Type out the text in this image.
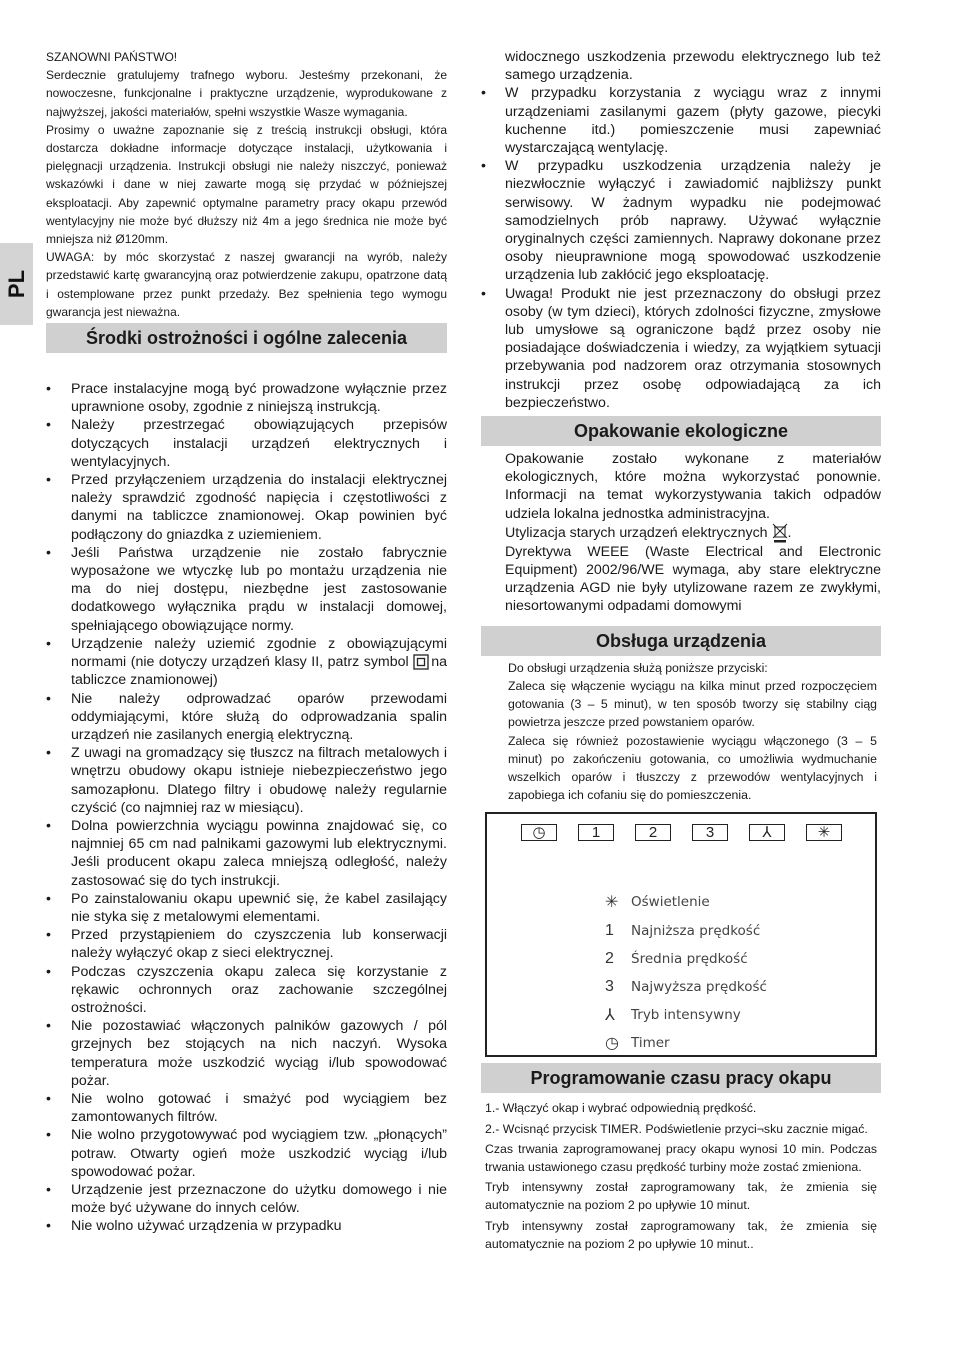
PL

SZANOWNI PAŃSTWO!

Serdecznie gratulujemy trafnego wyboru. Jesteśmy przekonani, że nowoczesne, funkcjonalne i praktyczne urządzenie, wyprodukowane z najwyższej, jakości materiałów, spełni wszystkie Wasze wymagania.

Prosimy o uważne zapoznanie się z treścią instrukcji obsługi, która dostarcza dokładne informacje dotyczące instalacji, użytkowania i pielęgnacji urządzenia. Instrukcji obsługi nie należy niszczyć, ponieważ wskazówki i dane w niej zawarte mogą się przydać w późniejszej eksploatacji. Aby zapewnić optymalne parametry pracy okapu przewód wentylacyjny nie może być dłuższy niż 4m a jego średnica nie może być mniejsza niż Ø120mm.

UWAGA: by móc skorzystać z naszej gwarancji na wyrób, należy przedstawić kartę gwarancyjną oraz potwierdzenie zakupu, opatrzone datą i ostemplowane przez punkt przedaży. Bez spełnienia tego wymogu gwarancja jest nieważna.

Środki ostrożności i ogólne zalecenia
• Prace instalacyjne mogą być prowadzone wyłącznie przez uprawnione osoby, zgodnie z niniejszą instrukcją.
• Należy przestrzegać obowiązujących przepisów dotyczących instalacji urządzeń elektrycznych i wentylacyjnych.
• Przed przyłączeniem urządzenia do instalacji elektrycznej należy sprawdzić zgodność napięcia i częstotliwości z danymi na tabliczce znamionowej. Okap powinien być podłączony do gniazdka z uziemieniem.
• Jeśli Państwa urządzenie nie zostało fabrycznie wyposażone we wtyczkę lub po montażu urządzenia nie ma do niej dostępu, niezbędne jest zastosowanie dodatkowego wyłącznika prądu w instalacji domowej, spełniającego obowiązujące normy.
• Urządzenie należy uziemić zgodnie z obowiązującymi normami (nie dotyczy urządzeń klasy II, patrz symbol na tabliczce znamionowej)
• Nie należy odprowadzać oparów przewodami oddymiającymi, które służą do odprowadzania spalin urządzeń nie zasilanych energią elektryczną.
• Z uwagi na gromadzący się tłuszcz na filtrach metalowych i wnętrzu obudowy okapu istnieje niebezpieczeństwo jego samozapłonu. Dlatego filtry i obudowę należy regularnie czyścić (co najmniej raz w miesiącu).
• Dolna powierzchnia wyciągu powinna znajdować się, co najmniej 65 cm nad palnikami gazowymi lub elektrycznymi. Jeśli producent okapu zaleca mniejszą odległość, należy zastosować się do tych instrukcji.
• Po zainstalowaniu okapu upewnić się, że kabel zasilający nie styka się z metalowymi elementami.
• Przed przystąpieniem do czyszczenia lub konserwacji należy wyłączyć okap z sieci elektrycznej.
• Podczas czyszczenia okapu zaleca się korzystanie z rękawic ochronnych oraz zachowanie szczególnej ostrożności.
• Nie pozostawiać włączonych palników gazowych / pól grzejnych bez stojących na nich naczyń. Wysoka temperatura może uszkodzić wyciąg i/lub spowodować pożar.
• Nie wolno gotować i smażyć pod wyciągiem bez zamontowanych filtrów.
• Nie wolno przygotowywać pod wyciągiem tzw. „płonących” potraw. Otwarty ogień może uszkodzić wyciąg i/lub spowodować pożar.
• Urządzenie jest przeznaczone do użytku domowego i nie może być używane do innych celów.
• Nie wolno używać urządzenia w przypadku
widocznego uszkodzenia przewodu elektrycznego lub też samego urządzenia.
• W przypadku korzystania z wyciągu wraz z innymi urządzeniami zasilanymi gazem (płyty gazowe, piecyki kuchenne itd.) pomieszczenie musi zapewniać wystarczającą wentylację.
• W przypadku uszkodzenia urządzenia należy je niezwłocznie wyłączyć i zawiadomić najbliższy punkt serwisowy. W żadnym wypadku nie podejmować samodzielnych prób naprawy. Używać wyłącznie oryginalnych części zamiennych. Naprawy dokonane przez osoby nieuprawnione mogą spowodować uszkodzenie urządzenia lub zakłócić jego eksploatację.
• Uwaga! Produkt nie jest przeznaczony do obsługi przez osoby (w tym dzieci), których zdolności fizyczne, zmysłowe lub umysłowe są ograniczone bądź przez osoby nie posiadające doświadczenia i wiedzy, za wyjątkiem sytuacji przebywania pod nadzorem oraz otrzymania stosownych instrukcji przez osobę odpowiadającą za ich bezpieczeństwo.
Opakowanie ekologiczne

Opakowanie zostało wykonane z materiałów ekologicznych, które można wykorzystać ponownie. Informacji na temat wykorzystywania takich odpadów udziela lokalna jednostka administracyjna.

Utylizacja starych urządzeń elektrycznych .

Dyrektywa WEEE (Waste Electrical and Electronic Equipment) 2002/96/WE wymaga, aby stare elektryczne urządzenia AGD nie były utylizowane razem ze zwykłymi, niesortowanymi odpadami domowymi

Obsługa urządzenia

Do obsługi urządzenia służą poniższe przyciski:

Zaleca się włączenie wyciągu na kilka minut przed rozpoczęciem gotowania (3 – 5 minut), w ten sposób tworzy się stabilny ciąg powietrza jeszcze przed powstaniem oparów.

Zaleca się również pozostawienie wyciągu włączonego (3 – 5 minut) po zakończeniu gotowania, co umożliwia wydmuchanie wszelkich oparów i tłuszczy z przewodów wentylacyjnych i zapobiega ich cofaniu się do pomieszczenia.

◷	1	2	3	⅄	✳
✳ Oświetlenie
1	Najniższa prędkość
2	Średnia prędkość
3	Najwyższa prędkość
⅄	Tryb intensywny
◷ Timer
Programowanie czasu pracy okapu

1.- Włączyć okap i wybrać odpowiednią prędkość.

2.- Wcisnąć przycisk TIMER. Podświetlenie przyci¬sku zacznie migać.

Czas trwania zaprogramowanej pracy okapu wynosi 10 min. Podczas trwania ustawionego czasu prędkość turbiny może zostać zmieniona.

Tryb intensywny został zaprogramowany tak, że zmienia się automatycznie na poziom 2 po upływie 10 minut.

Tryb intensywny został zaprogramowany tak, że zmienia się automatycznie na poziom 2 po upływie 10 minut..
